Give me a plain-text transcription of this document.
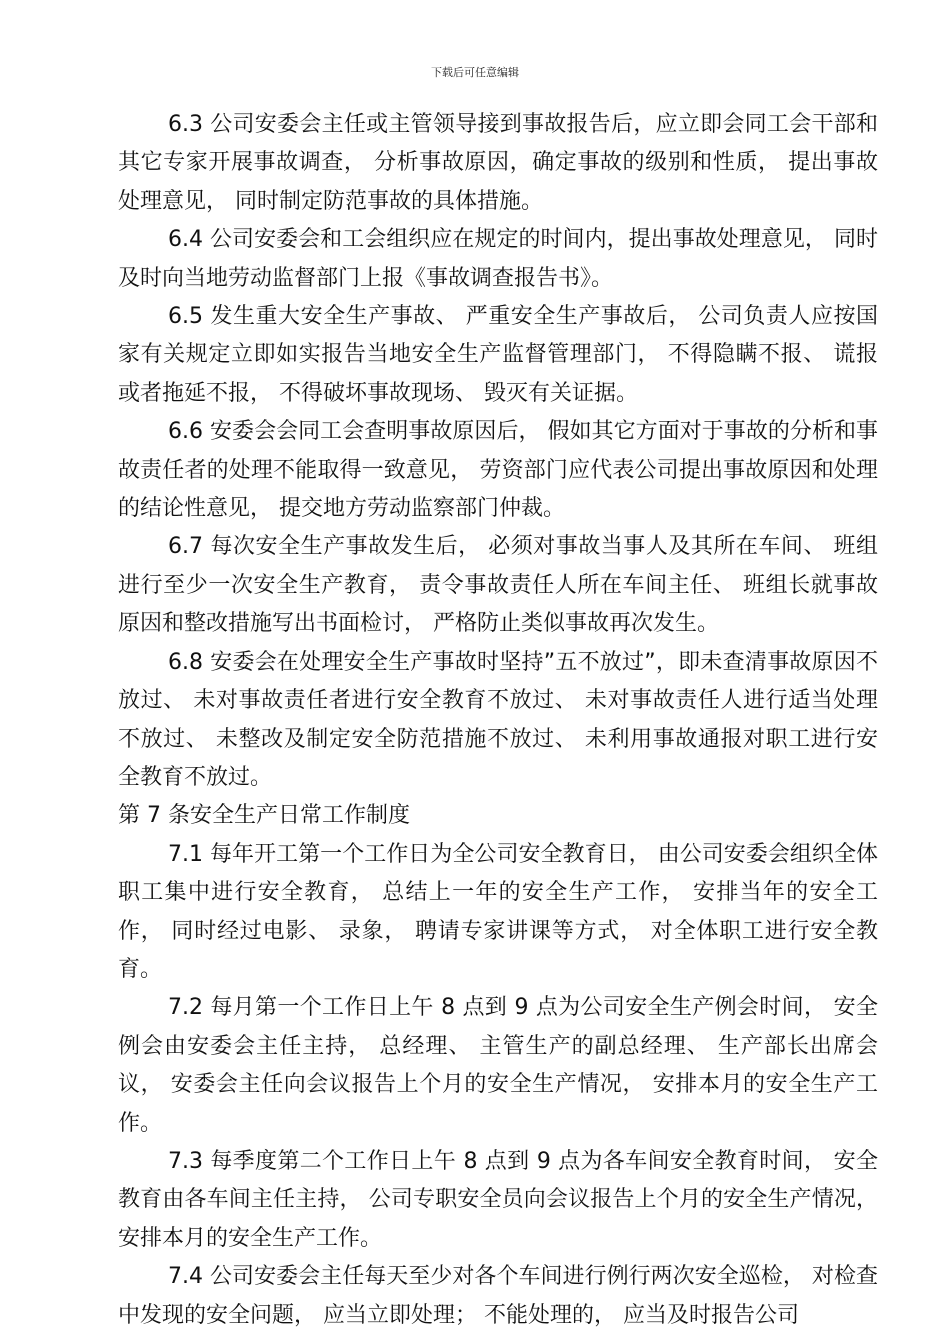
下载后可任意编辑

6.3 公司安委会主任或主管领导接到事故报告后，应立即会同工会干部和其它专家开展事故调查， 分析事故原因，确定事故的级别和性质， 提出事故处理意见， 同时制定防范事故的具体措施。

6.4 公司安委会和工会组织应在规定的时间内，提出事故处理意见， 同时及时向当地劳动监督部门上报《事故调查报告书》。

6.5 发生重大安全生产事故、 严重安全生产事故后， 公司负责人应按国家有关规定立即如实报告当地安全生产监督管理部门， 不得隐瞒不报、 谎报或者拖延不报， 不得破坏事故现场、 毁灭有关证据。

6.6 安委会会同工会查明事故原因后， 假如其它方面对于事故的分析和事故责任者的处理不能取得一致意见， 劳资部门应代表公司提出事故原因和处理的结论性意见， 提交地方劳动监察部门仲裁。

6.7 每次安全生产事故发生后， 必须对事故当事人及其所在车间、 班组进行至少一次安全生产教育， 责令事故责任人所在车间主任、 班组长就事故原因和整改措施写出书面检讨， 严格防止类似事故再次发生。

6.8 安委会在处理安全生产事故时坚持”五不放过”，即未查清事故原因不放过、 未对事故责任者进行安全教育不放过、 未对事故责任人进行适当处理不放过、 未整改及制定安全防范措施不放过、 未利用事故通报对职工进行安全教育不放过。

第 7 条安全生产日常工作制度

7.1 每年开工第一个工作日为全公司安全教育日， 由公司安委会组织全体职工集中进行安全教育， 总结上一年的安全生产工作， 安排当年的安全工作， 同时经过电影、 录象， 聘请专家讲课等方式， 对全体职工进行安全教育。

7.2 每月第一个工作日上午 8 点到 9 点为公司安全生产例会时间， 安全例会由安委会主任主持， 总经理、 主管生产的副总经理、 生产部长出席会议， 安委会主任向会议报告上个月的安全生产情况， 安排本月的安全生产工作。

7.3 每季度第二个工作日上午 8 点到 9 点为各车间安全教育时间， 安全教育由各车间主任主持， 公司专职安全员向会议报告上个月的安全生产情况， 安排本月的安全生产工作。

7.4 公司安委会主任每天至少对各个车间进行例行两次安全巡检， 对检查中发现的安全问题， 应当立即处理； 不能处理的， 应当及时报告公司
